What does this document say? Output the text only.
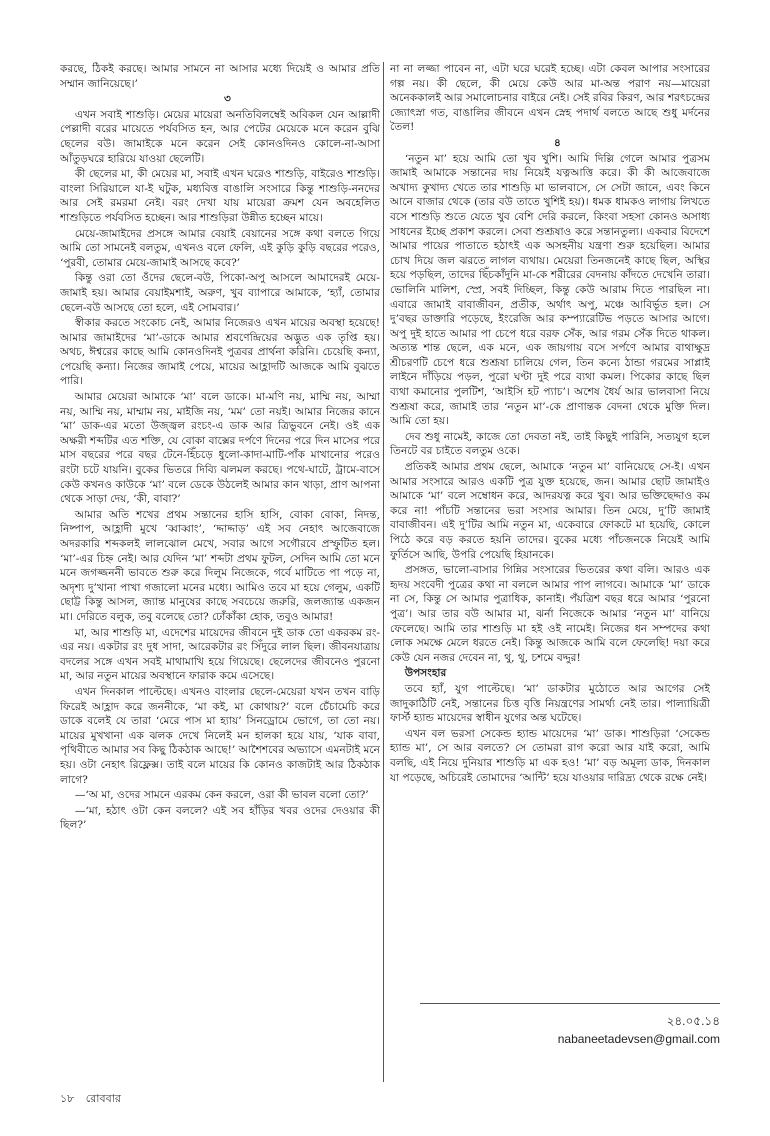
করছে, ঠিকই করছে। আমার সামনে না আসার মধ্যে দিয়েই ও আমার প্রতি সম্মান জানিয়েছে।’

৩

এখন সবাই শাশুড়ি। মেয়ের মায়েরা অনতিবিলম্বেই অবিকল যেন আল্লাদী পেল্লাদী বরের মায়েতে পর্যবসিত হন, আর পেটের মেয়েকে মনে করেন বুঝি ছেলের বউ। জামাইকে মনে করেন সেই কোনওদিনও কোলে-না-আসা আঁতুড়ঘরে হারিয়ে যাওয়া ছেলেটি।

কী ছেলের মা, কী মেয়ের মা, সবাই এখন ঘরেও শাশুড়ি, বাইরেও শাশুড়ি। বাংলা সিরিয়ালে যা-ই ঘটুক, মধ্যবিত্ত বাঙালি সংসারে কিন্তু শাশুড়ি-ননদের আর সেই রমরমা নেই। বরং দেখা যায় মায়েরা ক্রমশ যেন অবহেলিত শাশুড়িতে পর্যবসিত হচ্ছেন। আর শাশুড়িরা উন্নীত হচ্ছেন মায়ে।

মেয়ে-জামাইদের প্রসঙ্গে আমার বেয়াই বেয়ানের সঙ্গে কথা বলতে গিয়ে আমি তো সামনেই বলতুম, এখনও বলে ফেলি, এই কুড়ি কুড়ি বছরের পরেও, ‘পুরবী, তোমার মেয়ে-জামাই আসছে কবে?’

কিন্তু ওরা তো ওঁদের ছেলে-বউ, পিকো-অপু আসলে আমাদেরই মেয়ে-জামাই হয়। আমার বেয়াইমশাই, অরুণ, খুব ব্যাপারে আমাকে, ‘হ্যাঁ, তোমার ছেলে-বউ আসছে তো হলে, এই সোমবার।’

স্বীকার করতে সংকোচ নেই, আমার নিজেরও এখন মায়ের অবস্থা হয়েছে! আমার জামাইদের ‘মা’-ডাকে আমার শ্রবণেন্দ্রিয়ের অদ্ভুত এক তৃপ্তি হয়। অথচ, ঈশ্বরের কাছে আমি কোনওদিনই পুত্রবর প্রার্থনা করিনি। চেয়েছি কন্যা, পেয়েছি কন্যা। নিজের জামাই পেয়ে, মায়ের আহ্লাদটি আজকে আমি বুঝতে পারি।

আমার মেয়েরা আমাকে ‘মা’ বলে ডাকে। মা-মণি নয়, মাম্মি নয়, আম্মা নয়, আম্মি নয়, মাম্মাম নয়, মাইজি নয়, ‘মম’ তো নয়ই। আমার নিজের কানে ‘মা’ ডাক-এর মতো উজ্জ্বল রংচং-এ ডাক আর ত্রিভুবনে নেই। ওই এক অক্ষরী শব্দটির এত শক্তি, যে বোকা বাক্সের দর্পণে দিনের পরে দিন মাসের পরে মাস বছরের পরে বছর টেনে-হিঁচড়ে ধুলো-কাদা-মাটি-পাঁক মাখানোর পরেও রংটা চটে যায়নি। বুকের ভিতরে দিব্যি ঝলমল করছে। পথে-ঘাটে, ট্রামে-বাসে কেউ কখনও কাউকে ‘মা’ বলে ডেকে উঠলেই আমার কান খাড়া, প্রাণ আপনা থেকে সাড়া দেয়, ‘কী, বাবা?’

আমার অতি শখের প্রথম সন্তানের হাসি হাসি, বোকা বোকা, নিদন্ত, নিষ্পাপ, আহ্লাদী মুখে ‘ব্বাব্বাং’, ‘দ্দাদ্দাড়’ এই সব নেহাৎ আজেবাজে অদরকারি শব্দকলই লালঝোল মেখে, সবার আগে সগৌরবে প্রস্ফুটিত হল। ‘মা’-এর চিহ্ন নেই। আর যেদিন ‘মা’ শব্দটা প্রথম ফুটল, সেদিন আমি তো মনে মনে জগজ্জননী ভাবতে শুরু করে দিলুম নিজেকে, গর্বে মাটিতে পা পড়ে না, অদৃশ্য দু’খানা পাখা গজালো মনের মধ্যে। আমিও তবে মা হয়ে গেলুম, একটি ছোট্ট কিন্তু আসল, জ্যান্ত মানুষের কাছে সবচেয়ে জরুরি, জলজ্যান্ত একজন মা। দেরিতে বলুক, তবু বলেছে তো? ঢোঁকাঁকা হোক, তবুও আমার!

মা, আর শাশুড়ি মা, এদেশের মায়েদের জীবনে দুই ডাক তো একরকম রং-এর নয়। একটার রং দুধ সাদা, আরেকটার রং সিঁদুরে লাল ছিল। জীবনযাত্রায় বদলের সঙ্গে এখন সবই মাথামাখি হয়ে গিয়েছে। ছেলেদের জীবনেও পুরনো মা, আর নতুন মায়ের অবস্থানে ফারাক কমে এসেছে।

এখন দিনকাল পাল্টেছে। এখনও বাংলার ছেলে-মেয়েরা যখন তখন বাড়ি ফিরেই আহ্লাদ করে জননীকে, ‘মা কই, মা কোথায়?’ বলে চেঁচামেচি করে ডাকে বলেই যে তারা ‘মেরে পাস মা হ্যায়’ সিনড্রোমে ভোগে, তা তো নয়। মায়ের মুখখানা এক ঝলক দেখে নিলেই মন হালকা হয়ে যায়, ‘যাক বাবা, পৃথিবীতে আমার সব কিছু ঠিকঠাক আছে!’ আশৈশবের অভ্যাসে এমনটাই মনে হয়। ওটা নেহাৎ রিফ্লেক্স। তাই বলে মায়ের কি কোনও কাজটাই আর ঠিকঠাক লাগে?

—‘অ মা, ওদের সামনে এরকম কেন করলে, ওরা কী ভাবল বলো তো?’

—‘মা, হঠাৎ ওটা কেন বললে? এই সব হাঁড়ির খবর ওদের দেওয়ার কী ছিল?’

না না লজ্জা পাবেন না, এটা ঘরে ঘরেই হচ্ছে। এটা কেবল আপার সংসারের গল্প নয়। কী ছেলে, কী মেয়ে কেউ আর মা-অন্ত পরাণ নয়—মায়েরা অনেককালই আর সমালোচনার বাইরে নেই। সেই রবির কিরণ, আর শরৎচন্দ্রের জ্যোৎস্না গত, বাঙালির জীবনে এখন স্নেহ পদার্থ বলতে আছে শুধু মর্দনের তৈল!

৪

‘নতুন মা’ হয়ে আমি তো খুব খুশি। আমি দিল্লি গেলে আমার পুত্রসম জামাই আমাকে সন্তানের দায় নিয়েই যত্নআত্তি করে। কী কী আজেবাজে অখাদ্য কুখাদ্য খেতে তার শাশুড়ি মা ভালবাসে, সে সেটা জানে, এবং কিনে আনে বাজার থেকে (তার বউ তাতে খুশিই হয়)। ধমক ধামকও লাগায় লিখতে বসে শাশুড়ি শুতে যেতে খুব বেশি দেরি করলে, কিংবা সহসা কোনও অসাধ্য সাধনের ইচ্ছে প্রকাশ করলে। সেবা শুশ্রূষাও করে সন্তানতুল্য। একবার বিদেশে আমার পায়ের পাতাতে হঠাৎই এক অসহনীয় যন্ত্রণা শুরু হয়েছিল। আমার চোখ দিয়ে জল ঝরতে লাগল ব্যথায়। মেয়েরা তিনজনেই কাছে ছিল, অস্থির হয়ে পড়ছিল, তাদের ছিঁচকাঁদুনি মা-কে শরীরের বেদনায় কাঁদতে দেখেনি তারা। ভোলিনি মালিশ, স্প্রে, সবই দিচ্ছিল, কিন্তু কেউ আরাম দিতে পারছিল না। এবারে জামাই বাবাজীবন, প্রতীক, অর্থাৎ অপু, মঞ্চে আবির্ভূত হল। সে দু’বছর ডাক্তারি পড়েছে, ইংরেজি আর কম্প্যারেটিভ পড়তে আসার আগে। অপু দুই হাতে আমার পা চেপে ধরে বরফ সেঁক, আর গরম সেঁক দিতে থাকল। অত্যন্ত শান্ত ছেলে, এক মনে, এক জায়গায় বসে সর্পণে আমার বাথাক্ষুদ্র শ্রীচরণটি চেপে ধরে শুশ্রূষা চালিয়ে গেল, তিন কন্যে ঠান্ডা গরমের সাপ্লাই লাইনে দাঁড়িয়ে পড়ল, পুরো ঘণ্টা দুই পরে ব্যথা কমল। পিকোর কাছে ছিল ব্যথা কমানোর পুলটিশ, ‘আইসি হট প্যাচ’। অশেষ ধৈর্য আর ভালবাসা নিয়ে শুশ্রূষা করে, জামাই তার ‘নতুন মা’-কে প্রাণান্তক বেদনা থেকে মুক্তি দিল। আমি তো হয়।

দেব শুধু নামেই, কাজে তো দেবতা নই, তাই কিছুই পারিনি, সত্যযুগ হলে তিনটে বর চাইতে বলতুম ওকে।

প্রতিকই আমার প্রথম ছেলে, আমাকে ‘নতুন মা’ বানিয়েছে সে-ই। এখন আমার সংসারে আরও একটি পুত্র যুক্ত হয়েছে, জন। আমার ছোট জামাইও আমাকে ‘মা’ বলে সম্বোধন করে, আদরযত্ন করে খুব। আর ভক্তিছেদ্দাও কম করে না! পাঁচটি সন্তানের ভরা সংসার আমার। তিন মেয়ে, দু’টি জামাই বাবাজীবন। এই দু’টির আমি নতুন মা, একেবারে ফোকটে মা হয়েছি, কোলে পিঠে করে বড় করতে হয়নি তাদের। বুকের মধ্যে পাঁচজনকে নিয়েই আমি ফুর্তিসে আছি, উপরি পেয়েছি হিয়ানকে।

প্রসঙ্গত, ভালো-বাসার গিন্নির সংসারের ভিতরের কথা বলি। আরও এক হৃদয় সংবেদী পুত্রের কথা না বললে আমার পাপ লাগবে। আমাকে ‘মা’ ডাকে না সে, কিন্তু সে আমার পুত্রাধিক, কানাই। পঁয়ত্রিশ বছর ধরে আমার ‘পুরনো পুত্র’। আর তার বউ আমার মা, ঝর্না নিজেকে আমার ‘নতুন মা’ বানিয়ে ফেলেছে। আমি তার শাশুড়ি মা হই ওই নামেই। নিজের ধন সম্পদের কথা লোক সমক্ষে মেলে ধরতে নেই। কিন্তু আজকে আমি বলে ফেলেছি! দয়া করে কেউ যেন নজর দেবেন না, থু, থু, চশমে বদ্দুর!

উপসংহার

তবে হ্যাঁ, যুগ পাল্টেছে। ‘মা’ ডাকটার মুঠোতে আর আগের সেই জাদুকাঠিটি নেই, সন্তানের চিত্ত বৃত্তি নিয়ন্ত্রণের সামর্থ্য নেই তার। পাল্যায়িত্রী ফার্স্ট হ্যান্ড মায়েদের স্বাধীন যুগের অন্ত ঘটেছে।

এখন বল ভরসা সেকেন্ড হ্যান্ড মায়েদের ‘মা’ ডাক। শাশুড়িরা ‘সেকেন্ড হ্যান্ড মা’, সে আর বলতে? সে তোমরা রাগ করো আর যাই করো, আমি বলছি, এই নিয়ে দুনিয়ার শাশুড়ি মা এক হও! ‘মা’ বড় অমূল্য ডাক, দিনকাল যা পড়েছে, অচিরেই তোমাদের ‘আন্টি’ হয়ে যাওয়ার দারিদ্র্য থেকে রক্ষে নেই।

২৪.০৫.১৪
nabaneetadevsen@gmail.com
১৮ রোববার
